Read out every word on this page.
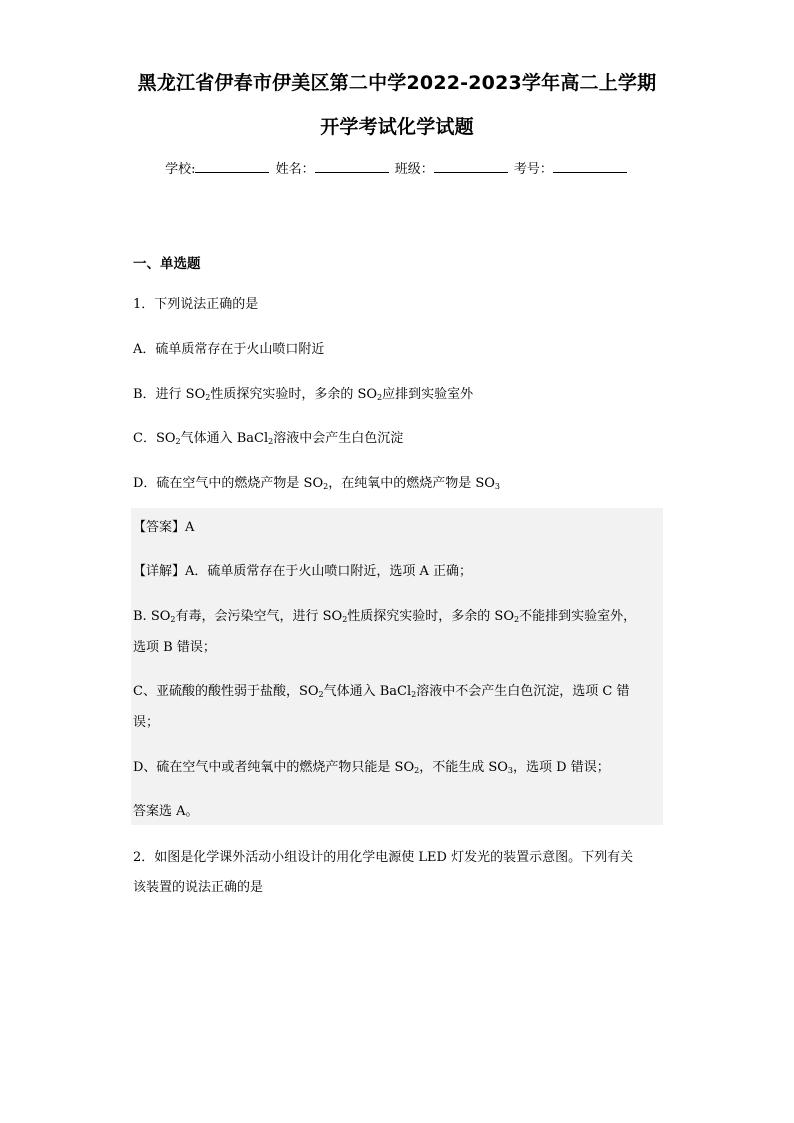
黑龙江省伊春市伊美区第二中学2022-2023学年高二上学期
开学考试化学试题
学校:	姓名：	班级：	考号：
一、单选题
1．下列说法正确的是
A．硫单质常存在于火山喷口附近
B．进行 $SO_2$性质探究实验时，多余的 $SO_2$应排到实验室外
C．$SO_2$气体通入 BaCl$_2$溶液中会产生白色沉淀
D．硫在空气中的燃烧产物是 $SO_2$，在纯氧中的燃烧产物是 $SO_3$
【答案】A
【详解】A．硫单质常存在于火山喷口附近，选项 A 正确；
B. $SO_2$有毒，会污染空气，进行 $SO_2$性质探究实验时，多余的 $SO_2$不能排到实验室外，
选项 B 错误；
C、亚硫酸的酸性弱于盐酸，$SO_2$气体通入 BaCl$_2$溶液中不会产生白色沉淀，选项 C 错
误；
D、硫在空气中或者纯氧中的燃烧产物只能是 $SO_2$，不能生成 $SO_3$，选项 D 错误；
答案选 A。
2．如图是化学课外活动小组设计的用化学电源使 LED 灯发光的装置示意图。下列有关
该装置的说法正确的是
